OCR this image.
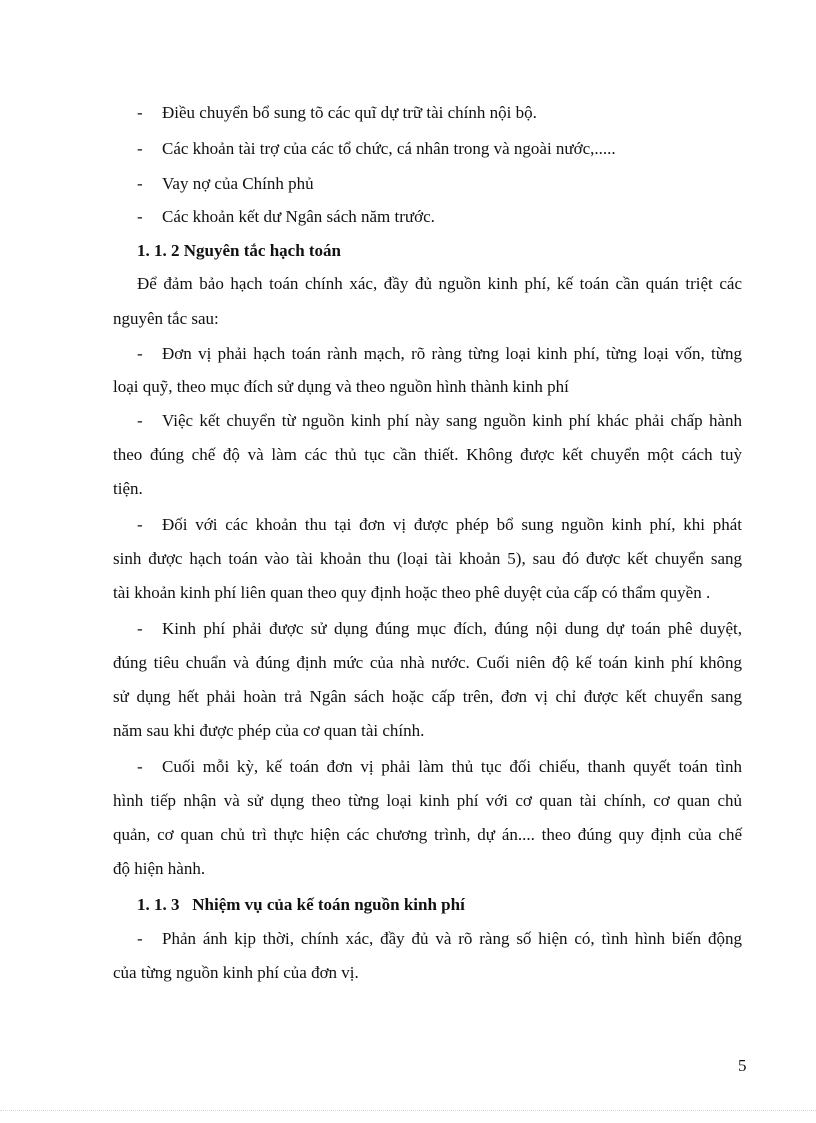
- Điều chuyển bổ sung tõ các quĩ dự trữ tài chính nội bộ.
- Các khoản tài trợ của các tổ chức, cá nhân trong và ngoài nước,.....
- Vay nợ của Chính phủ
- Các khoản kết dư Ngân sách năm trước.
1. 1. 2 Nguyên tắc hạch toán
Để đảm bảo hạch toán chính xác, đầy đủ nguồn kinh phí, kế toán cần quán triệt các
nguyên tắc sau:
- Đơn vị phải hạch toán rành mạch, rõ ràng từng loại kinh phí, từng loại vốn, từng
loại quỹ, theo mục đích sử dụng và theo nguồn hình thành kinh phí
- Việc kết chuyển từ nguồn kinh phí này sang nguồn kinh phí khác phải chấp hành
theo đúng chế độ và làm các thủ tục cần thiết. Không được kết chuyển một cách tuỳ
tiện.
- Đối với các khoản thu tại đơn vị được phép bổ sung nguồn kinh phí, khi phát
sinh được hạch toán vào tài khoản thu (loại tài khoản 5), sau đó được kết chuyển sang
tài khoản kinh phí liên quan theo quy định hoặc theo phê duyệt của cấp có thẩm quyền .
- Kinh phí phải được sử dụng đúng mục đích, đúng nội dung dự toán phê duyệt,
đúng tiêu chuẩn và đúng định mức của nhà nước. Cuối niên độ kế toán kinh phí không
sử dụng hết phải hoàn trả Ngân sách hoặc cấp trên, đơn vị chỉ được kết chuyển sang
năm sau khi được phép của cơ quan tài chính.
- Cuối mỗi kỳ, kế toán đơn vị phải làm thủ tục đối chiếu, thanh quyết toán tình
hình tiếp nhận và sử dụng theo từng loại kinh phí với cơ quan tài chính, cơ quan chủ
quản, cơ quan chủ trì thực hiện các chương trình, dự án.... theo đúng quy định của chế
độ hiện hành.
1. 1. 3   Nhiệm vụ của kế toán nguồn kinh phí
- Phản ánh kịp thời, chính xác, đầy đủ và rõ ràng số hiện có, tình hình biến động
của từng nguồn kinh phí của đơn vị.
5
